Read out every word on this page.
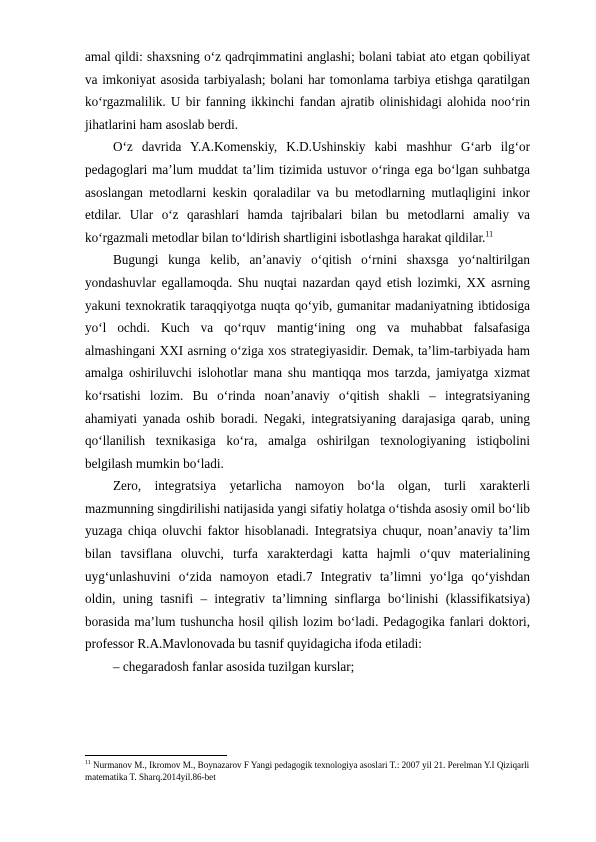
amal qildi: shaxsning o‘z qadrqimmatini anglashi; bolani tabiat ato etgan qobiliyat va imkoniyat asosida tarbiyalash; bolani har tomonlama tarbiya etishga qaratilgan ko‘rgazmalilik. U bir fanning ikkinchi fandan ajratib olinishidagi alohida noo‘rin jihatlarini ham asoslab berdi.

O‘z davrida Y.A.Komenskiy, K.D.Ushinskiy kabi mashhur G‘arb ilg‘or pedagoglari ma’lum muddat ta’lim tizimida ustuvor o‘ringa ega bo‘lgan suhbatga asoslangan metodlarni keskin qoraladilar va bu metodlarning mutlaqligini inkor etdilar. Ular o‘z qarashlari hamda tajribalari bilan bu metodlarni amaliy va ko‘rgazmali metodlar bilan to‘ldirish shartligini isbotlashga harakat qildilar.$^{11}$

Bugungi kunga kelib, an’anaviy o‘qitish o‘rnini shaxsga yo‘naltirilgan yondashuvlar egallamoqda. Shu nuqtai nazardan qayd etish lozimki, XX asrning yakuni texnokratik taraqqiyotga nuqta qo‘yib, gumanitar madaniyatning ibtidosiga yo‘l ochdi. Kuch va qo‘rquv mantig‘ining ong va muhabbat falsafasiga almashingani XXI asrning o‘ziga xos strategiyasidir. Demak, ta’lim-tarbiyada ham amalga oshiriluvchi islohotlar mana shu mantiqqa mos tarzda, jamiyatga xizmat ko‘rsatishi lozim. Bu o‘rinda noan’anaviy o‘qitish shakli – integratsiyaning ahamiyati yanada oshib boradi. Negaki, integratsiyaning darajasiga qarab, uning qo‘llanilish texnikasiga ko‘ra, amalga oshirilgan texnologiyaning istiqbolini belgilash mumkin bo‘ladi.

Zero, integratsiya yetarlicha namoyon bo‘la olgan, turli xarakterli mazmunning singdirilishi natijasida yangi sifatiy holatga o‘tishda asosiy omil bo‘lib yuzaga chiqa oluvchi faktor hisoblanadi. Integratsiya chuqur, noan’anaviy ta’lim bilan tavsiflana oluvchi, turfa xarakterdagi katta hajmli o‘quv materialining uyg‘unlashuvini o‘zida namoyon etadi.7 Integrativ ta’limni yo‘lga qo‘yishdan oldin, uning tasnifi – integrativ ta’limning sinflarga bo‘linishi (klassifikatsiya) borasida ma’lum tushuncha hosil qilish lozim bo‘ladi. Pedagogika fanlari doktori, professor R.A.Mavlonovada bu tasnif quyidagicha ifoda etiladi:

– chegaradosh fanlar asosida tuzilgan kurslar;

$^{11}$ Nurmanov M., Ikromov M., Boynazarov F Yangi pedagogik texnologiya asoslari T.: 2007 yil 21. Perelman Y.I Qiziqarli matematika T. Sharq.2014yil.86-bet
